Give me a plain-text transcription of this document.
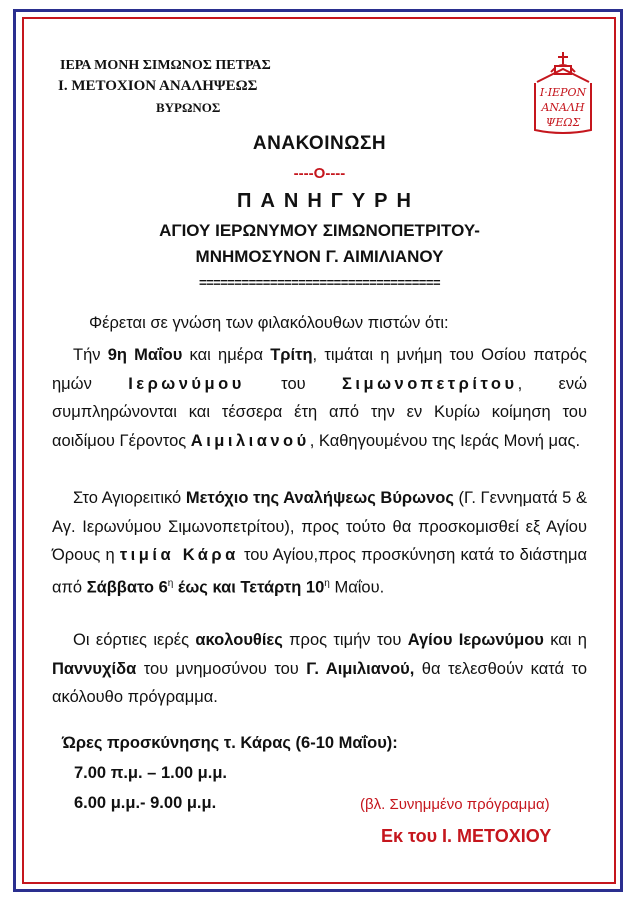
ΙΕΡΑ ΜΟΝΗ ΣΙΜΩΝΟΣ ΠΕΤΡΑΣ
Ι. ΜΕΤΟΧΙΟΝ ΑΝΑΛΗΨΕΩΣ
ΒΥΡΩΝΟΣ
Ι·ΙΕΡΟΝ
ΑΝΑΛΗ
ΨΕΩΣ
ΑΝΑΚΟΙΝΩΣΗ
----Ο----
ΠΑΝΗΓΥΡΗ
ΑΓΙΟΥ ΙΕΡΩΝΥΜΟΥ ΣΙΜΩΝΟΠΕΤΡΙΤΟΥ-
ΜΝΗΜΟΣΥΝΟΝ Γ. ΑΙΜΙΛΙΑΝΟΥ
==================================
Φέρεται σε γνώση των φιλακόλουθων πιστών ότι:
Τήν 9η Μαΐου και ημέρα Τρίτη, τιμάται η μνήμη του Οσίου πατρός ημών Ιερωνύμου του Σιμωνοπετρίτου, ενώ συμπληρώνονται και τέσσερα έτη από την εν Κυρίω κοίμηση του αοιδίμου Γέροντος Αιμιλιανού, Καθηγουμένου της Ιεράς Μονή μας.
Στο Αγιορειτικό Μετόχιο της Αναλήψεως Βύρωνος (Γ. Γεννηματά 5 & Αγ. Ιερωνύμου Σιμωνοπετρίτου), προς τούτο θα προσκομισθεί εξ Αγίου Όρους η τιμία Κάρα του Αγίου,προς προσκύνηση κατά το διάστημα από Σάββατο $6^\eta$ έως και Τετάρτη $10^\eta$ Μαΐου.
Οι εόρτιες ιερές ακολουθίες προς τιμήν του Αγίου Ιερωνύμου και η Παννυχίδα του μνημοσύνου του Γ. Αιμιλιανού, θα τελεσθούν κατά το ακόλουθο πρόγραμμα.
Ώρες προσκύνησης τ. Κάρας (6-10 Μαΐου):
7.00 π.μ. – 1.00 μ.μ.
6.00 μ.μ.- 9.00 μ.μ.	(βλ. Συνημμένο πρόγραμμα)
Εκ του Ι. ΜΕΤΟΧΙΟΥ
